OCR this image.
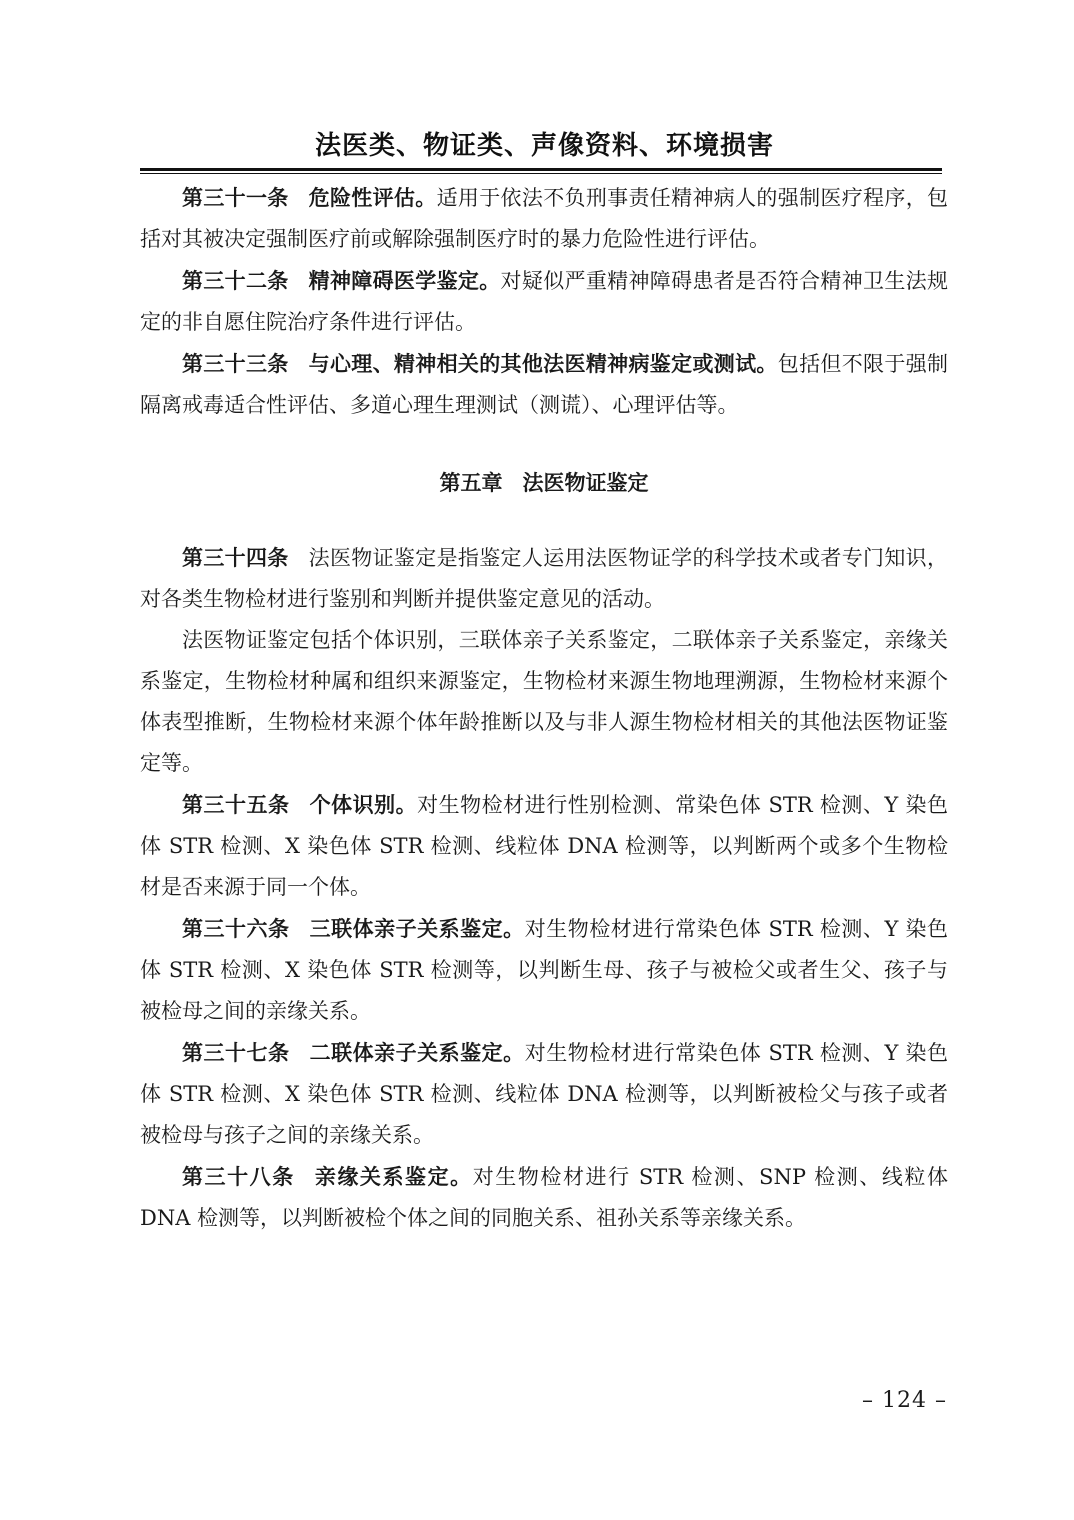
法医类、物证类、声像资料、环境损害

第三十一条 危险性评估。适用于依法不负刑事责任精神病人的强制医疗程序，包括对其被决定强制医疗前或解除强制医疗时的暴力危险性进行评估。

第三十二条 精神障碍医学鉴定。对疑似严重精神障碍患者是否符合精神卫生法规定的非自愿住院治疗条件进行评估。

第三十三条 与心理、精神相关的其他法医精神病鉴定或测试。包括但不限于强制隔离戒毒适合性评估、多道心理生理测试（测谎）、心理评估等。

第五章 法医物证鉴定

第三十四条 法医物证鉴定是指鉴定人运用法医物证学的科学技术或者专门知识，对各类生物检材进行鉴别和判断并提供鉴定意见的活动。

法医物证鉴定包括个体识别，三联体亲子关系鉴定，二联体亲子关系鉴定，亲缘关系鉴定，生物检材种属和组织来源鉴定，生物检材来源生物地理溯源，生物检材来源个体表型推断，生物检材来源个体年龄推断以及与非人源生物检材相关的其他法医物证鉴定等。

第三十五条 个体识别。对生物检材进行性别检测、常染色体 STR 检测、Y 染色体 STR 检测、X 染色体 STR 检测、线粒体 DNA 检测等，以判断两个或多个生物检材是否来源于同一个体。

第三十六条 三联体亲子关系鉴定。对生物检材进行常染色体 STR 检测、Y 染色体 STR 检测、X 染色体 STR 检测等，以判断生母、孩子与被检父或者生父、孩子与被检母之间的亲缘关系。

第三十七条 二联体亲子关系鉴定。对生物检材进行常染色体 STR 检测、Y 染色体 STR 检测、X 染色体 STR 检测、线粒体 DNA 检测等，以判断被检父与孩子或者被检母与孩子之间的亲缘关系。

第三十八条 亲缘关系鉴定。对生物检材进行 STR 检测、SNP 检测、线粒体 DNA 检测等，以判断被检个体之间的同胞关系、祖孙关系等亲缘关系。

– 124 –
